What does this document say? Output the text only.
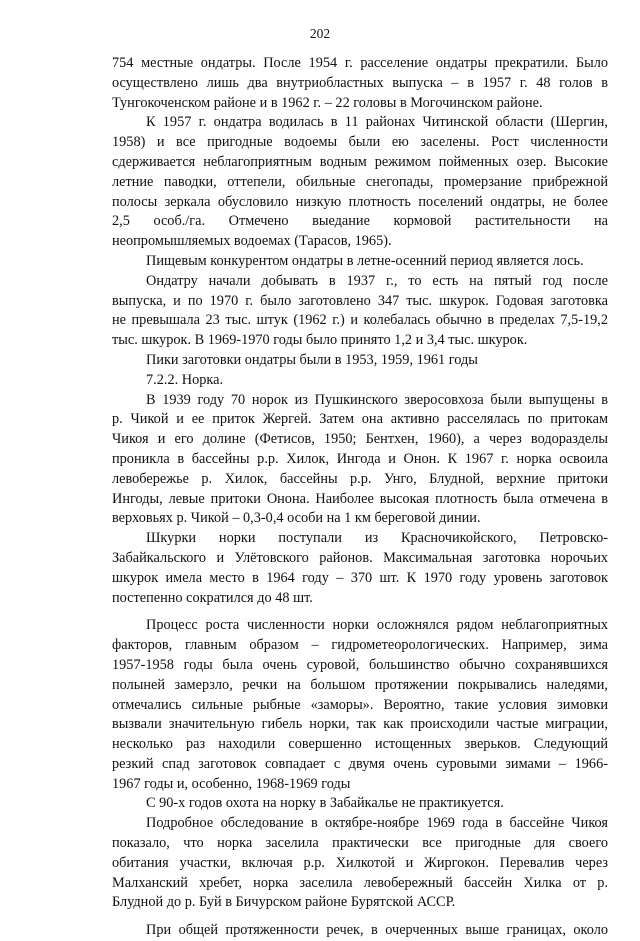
202
754 местные ондатры. После 1954 г. расселение ондатры прекратили. Было
осуществлено лишь два внутриобластных выпуска – в 1957 г. 48 голов в
Тунгокоченском районе и в 1962 г. – 22 головы в Могочинском районе.
К 1957 г. ондатра водилась в 11 районах Читинской области (Шергин,
1958) и все пригодные водоемы были ею заселены. Рост численности
сдерживается неблагоприятным водным режимом пойменных озер. Высокие
летние паводки, оттепели, обильные снегопады, промерзание прибрежной
полосы зеркала обусловило низкую плотность поселений ондатры, не более
2,5 особ./га. Отмечено выедание кормовой растительности на
неопромышляемых водоемах (Тарасов, 1965).
Пищевым конкурентом ондатры в летне-осенний период является лось.
Ондатру начали добывать в 1937 г., то есть на пятый год после
выпуска, и по 1970 г. было заготовлено 347 тыс. шкурок. Годовая заготовка
не превышала 23 тыс. штук (1962 г.) и колебалась обычно в пределах 7,5-19,2
тыс. шкурок. В 1969-1970 годы было принято 1,2 и 3,4 тыс. шкурок.
Пики заготовки ондатры были в 1953, 1959, 1961 годы
7.2.2. Норка.
В 1939 году 70 норок из Пушкинского зверосовхоза были выпущены в
р. Чикой и ее приток Жергей. Затем она активно расселялась по притокам
Чикоя и его долине (Фетисов, 1950; Бентхен, 1960), а через водоразделы
проникла в бассейны р.р. Хилок, Ингода и Онон. К 1967 г. норка освоила
левобережье р. Хилок, бассейны р.р. Унго, Блудной, верхние притоки
Ингоды, левые притоки Онона. Наиболее высокая плотность была отмечена в
верховьях р. Чикой – 0,3-0,4 особи на 1 км береговой динии.
Шкурки норки поступали из Красночикойского, Петровско-
Забайкальского и Улётовского районов. Максимальная заготовка норочьих
шкурок имела место в 1964 году – 370 шт. К 1970 году уровень заготовок
постепенно сократился до 48 шт.
Процесс роста численности норки осложнялся рядом неблагоприятных
факторов, главным образом – гидрометеорологических. Например, зима
1957-1958 годы была очень суровой, большинство обычно сохранявшихся
полыней замерзло, речки на большом протяжении покрывались наледями,
отмечались сильные рыбные «заморы». Вероятно, такие условия зимовки
вызвали значительную гибель норки, так как происходили частые миграции,
несколько раз находили совершенно истощенных зверьков. Следующий
резкий спад заготовок совпадает с двумя очень суровыми зимами – 1966-
1967 годы и, особенно, 1968-1969 годы
С 90-х годов охота на норку в Забайкалье не практикуется.
Подробное обследование в октябре-ноябре 1969 года в бассейне Чикоя
показало, что норка заселила практически все пригодные для своего
обитания участки, включая р.р. Хилкотой и Жиргокон. Перевалив через
Малханский хребет, норка заселила левобережный бассейн Хилка от р.
Блудной до р. Буй в Бичурском районе Бурятской АССР.
При общей протяженности речек, в очерченных выше границах, около
